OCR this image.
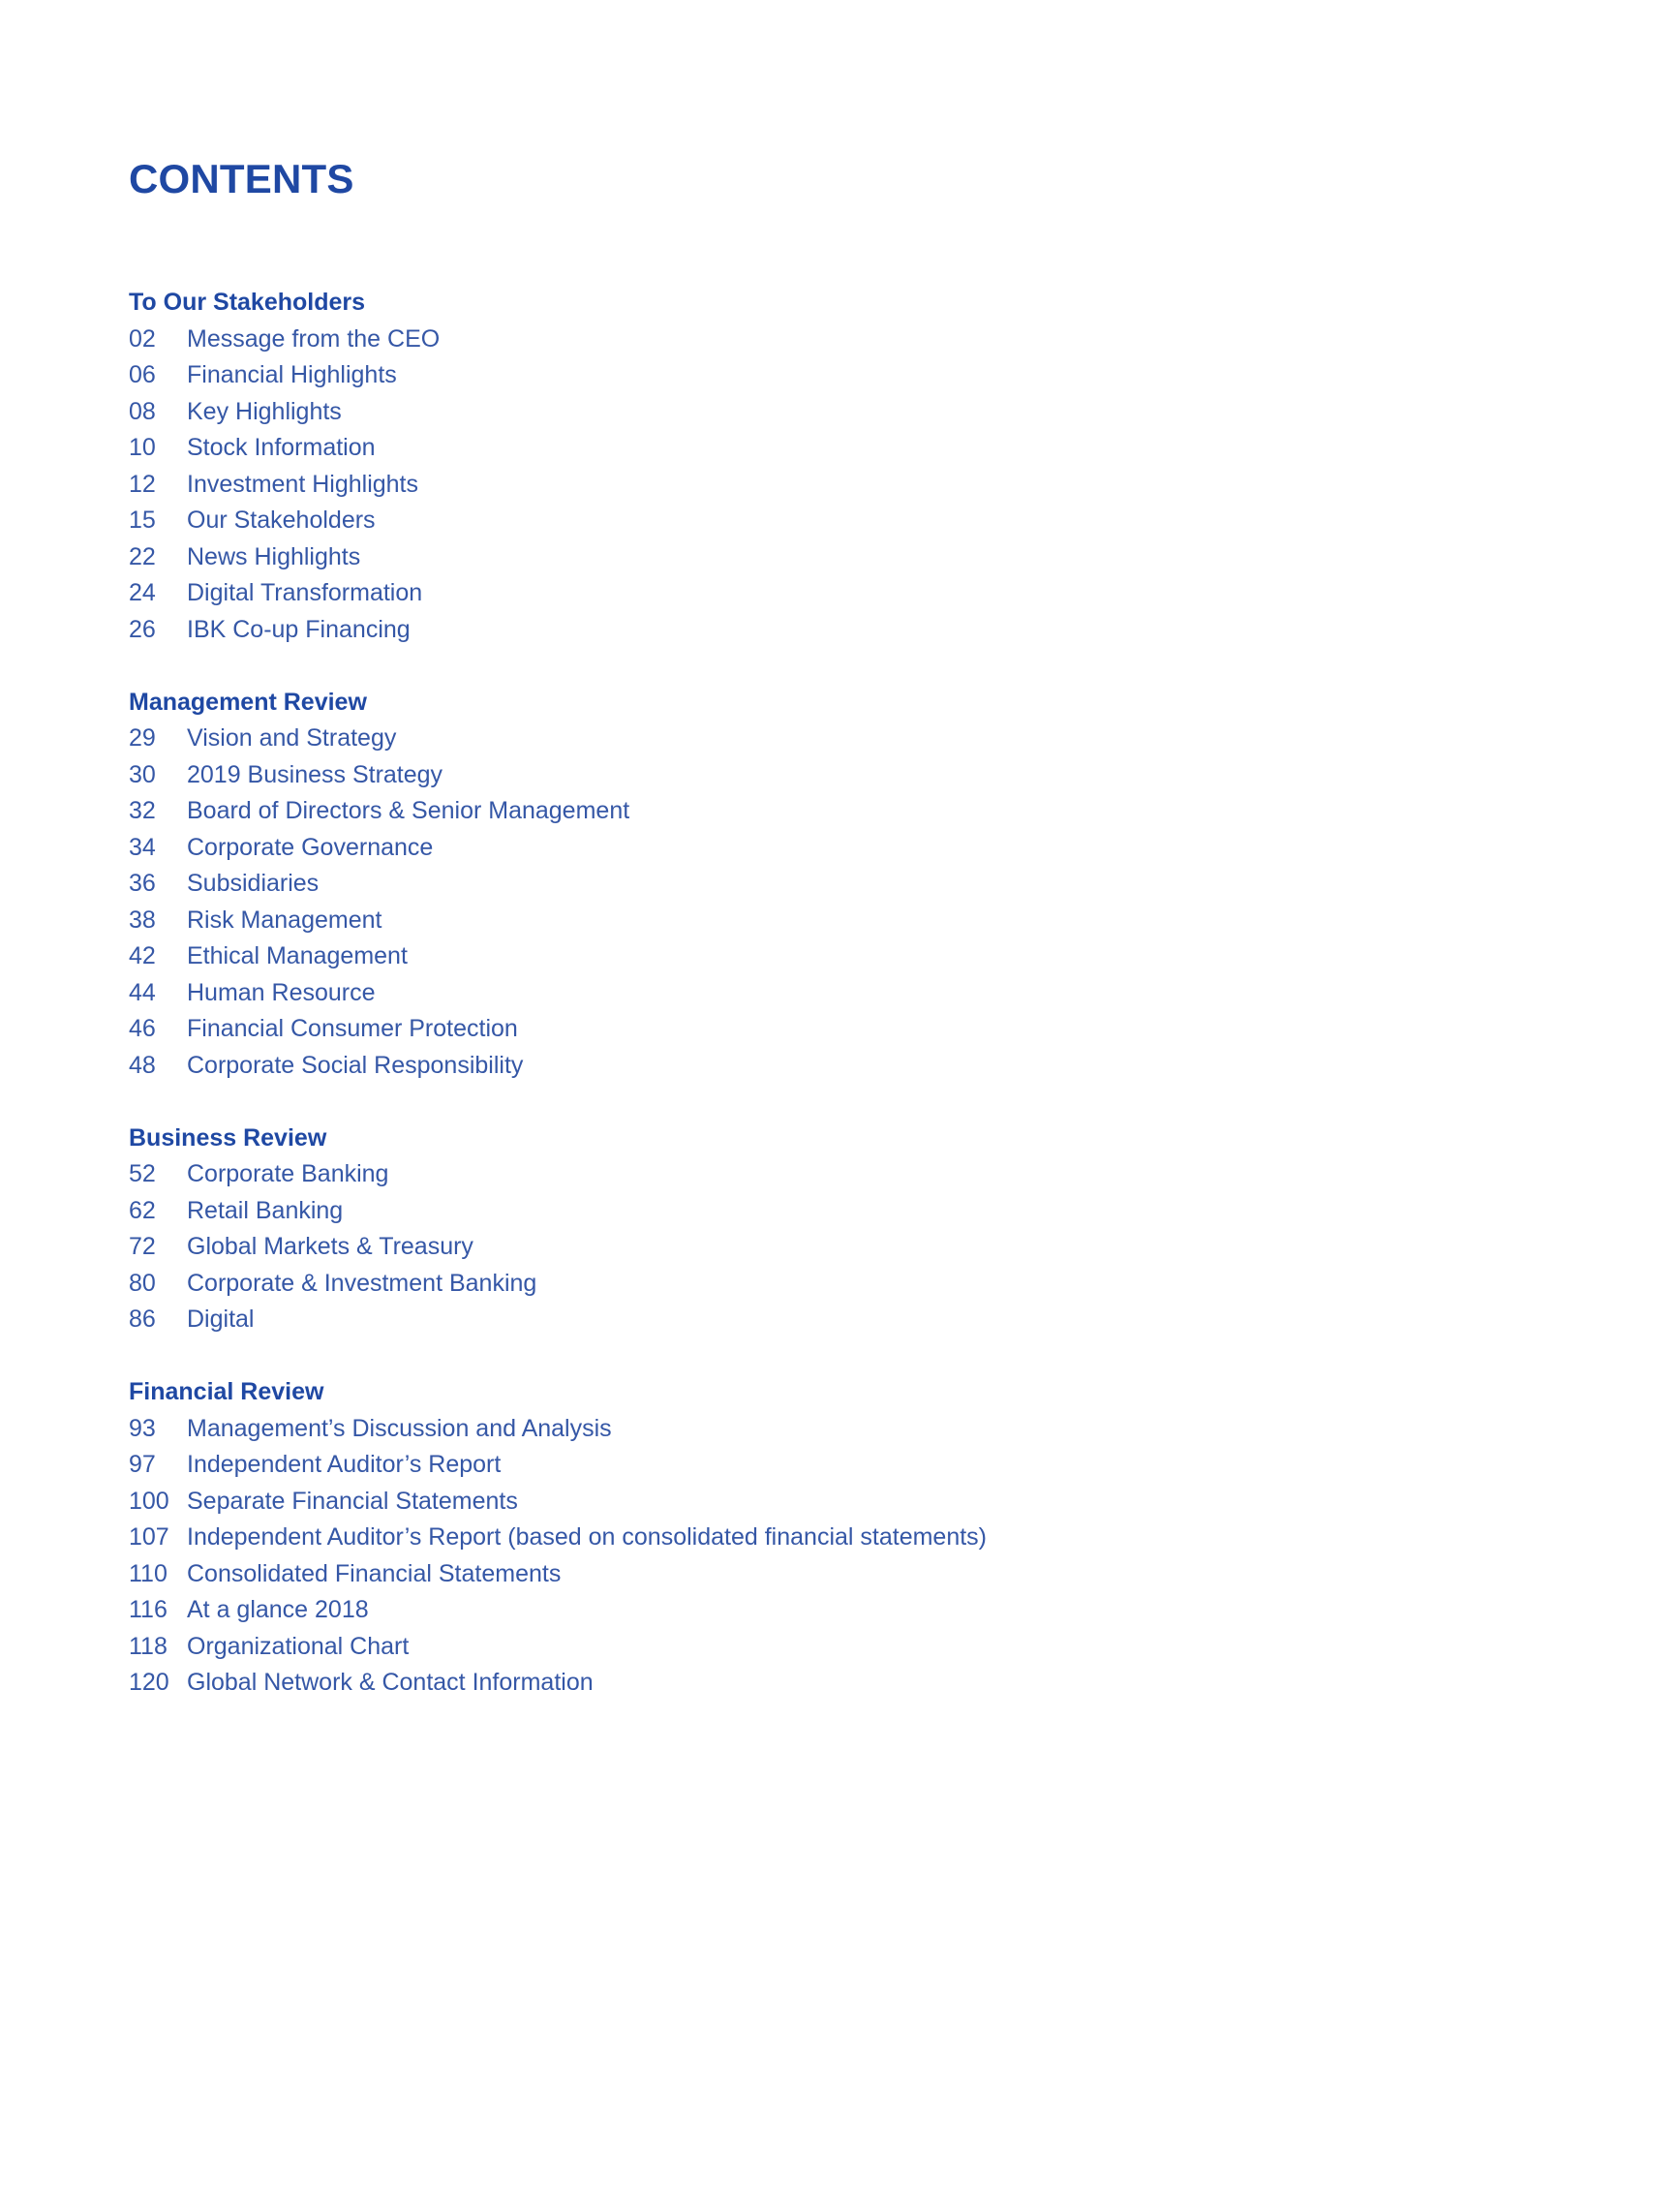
CONTENTS
To Our Stakeholders
02	Message from the CEO
06	Financial Highlights
08	Key Highlights
10	Stock Information
12	Investment Highlights
15	Our Stakeholders
22	News Highlights
24	Digital Transformation
26	IBK Co-up Financing
Management Review
29	Vision and Strategy
30	2019 Business Strategy
32	Board of Directors & Senior Management
34	Corporate Governance
36	Subsidiaries
38	Risk Management
42	Ethical Management
44	Human Resource
46	Financial Consumer Protection
48	Corporate Social Responsibility
Business Review
52	Corporate Banking
62	Retail Banking
72	Global Markets & Treasury
80	Corporate & Investment Banking
86	Digital
Financial Review
93	Management’s Discussion and Analysis
97	Independent Auditor’s Report
100 Separate Financial Statements
107 Independent Auditor’s Report (based on consolidated financial statements)
110 Consolidated Financial Statements
116 At a glance 2018
118 Organizational Chart
120 Global Network & Contact Information
